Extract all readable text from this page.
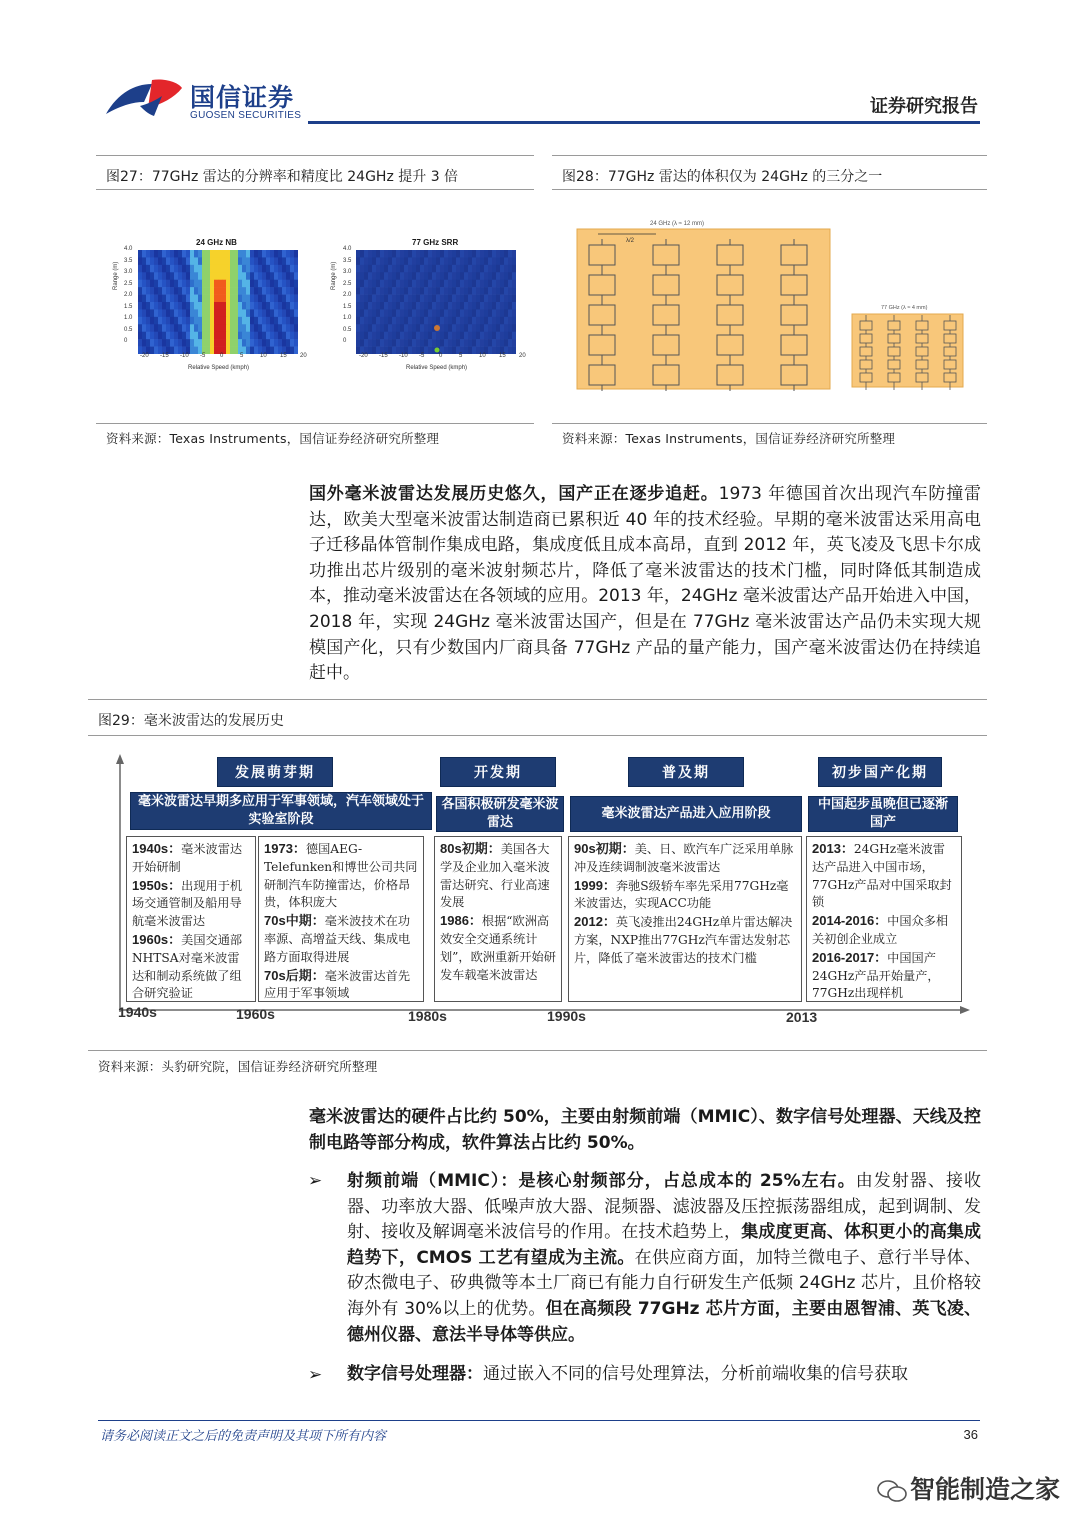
国信证券
GUOSEN SECURITIES	证券研究报告
图27：77GHz 雷达的分辨率和精度比 24GHz 提升 3 倍	图28：77GHz 雷达的体积仅为 24GHz 的三分之一
24 GHz NB
4.0
3.5
3.0
2.5
2.0
1.5
1.0
0.5
0
-20 -15 -10 -5 0	5	10 15 20
Range (m)
Relative Speed (kmph)
77 GHz SRR
4.0
3.5
3.0
2.5
2.0
1.5
1.0
0.5
0
-20 -15 -10 -5 0	5	10 15 20
Range (m)
Relative Speed (kmph)
24 GHz (λ ≈ 12 mm)
λ/2
77 GHz (λ ≈ 4 mm)
资料来源：Texas Instruments，国信证券经济研究所整理	资料来源：Texas Instruments，国信证券经济研究所整理
国外毫米波雷达发展历史悠久，国产正在逐步追赶。1973 年德国首次出现汽车防撞雷达，欧美大型毫米波雷达制造商已累积近 40 年的技术经验。早期的毫米波雷达采用高电子迁移晶体管制作集成电路，集成度低且成本高昂，直到 2012 年，英飞凌及飞思卡尔成功推出芯片级别的毫米波射频芯片，降低了毫米波雷达的技术门槛，同时降低其制造成本，推动毫米波雷达在各领域的应用。2013 年，24GHz 毫米波雷达产品开始进入中国，2018 年，实现 24GHz 毫米波雷达国产，但是在 77GHz 毫米波雷达产品仍未实现大规模国产化，只有少数国内厂商具备 77GHz 产品的量产能力，国产毫米波雷达仍在持续追赶中。
图29：毫米波雷达的发展历史
发展萌芽期	开发期	普及期	初步国产化期
毫米波雷达早期多应用于军事领域，汽车领域处于实验室阶段
各国积极研发毫米波雷达
毫米波雷达产品进入应用阶段
中国起步虽晚但已逐渐国产
1940s：毫米波雷达开始研制
1950s：出现用于机场交通管制及船用导航毫米波雷达
1960s：美国交通部NHTSA对毫米波雷达和制动系统做了组合研究验证
1973：德国AEG-Telefunken和博世公司共同研制汽车防撞雷达，价格昂贵，体积庞大
70s中期：毫米波技术在功率源、高增益天线、集成电路方面取得进展
70s后期：毫米波雷达首先应用于军事领域
80s初期：美国各大学及企业加入毫米波雷达研究、行业高速发展
1986：根据“欧洲高效安全交通系统计划”，欧洲重新开始研发车载毫米波雷达
90s初期：美、日、欧汽车广泛采用单脉冲及连续调制波毫米波雷达
1999：奔驰S级轿车率先采用77GHz毫米波雷达，实现ACC功能
2012：英飞凌推出24GHz单片雷达解决方案，NXP推出77GHz汽车雷达发射芯片，降低了毫米波雷达的技术门槛
2013：24GHz毫米波雷达产品进入中国市场，77GHz产品对中国采取封锁
2014-2016：中国众多相关初创企业成立
2016-2017：中国国产24GHz产品开始量产，77GHz出现样机
1940s	1960s	1980s	1990s	2013
资料来源：头豹研究院，国信证券经济研究所整理
毫米波雷达的硬件占比约 50%，主要由射频前端（MMIC）、数字信号处理器、天线及控制电路等部分构成，软件算法占比约 50%。
➢ 射频前端（MMIC）：是核心射频部分，占总成本的 25%左右。由发射器、接收器、功率放大器、低噪声放大器、混频器、滤波器及压控振荡器组成，起到调制、发射、接收及解调毫米波信号的作用。在技术趋势上，集成度更高、体积更小的高集成趋势下，CMOS 工艺有望成为主流。在供应商方面，加特兰微电子、意行半导体、矽杰微电子、矽典微等本土厂商已有能力自行研发生产低频 24GHz 芯片，且价格较海外有 30%以上的优势。但在高频段 77GHz 芯片方面，主要由恩智浦、英飞凌、德州仪器、意法半导体等供应。
➢ 数字信号处理器：通过嵌入不同的信号处理算法，分析前端收集的信号获取
请务必阅读正文之后的免责声明及其项下所有内容	36
智能制造之家
